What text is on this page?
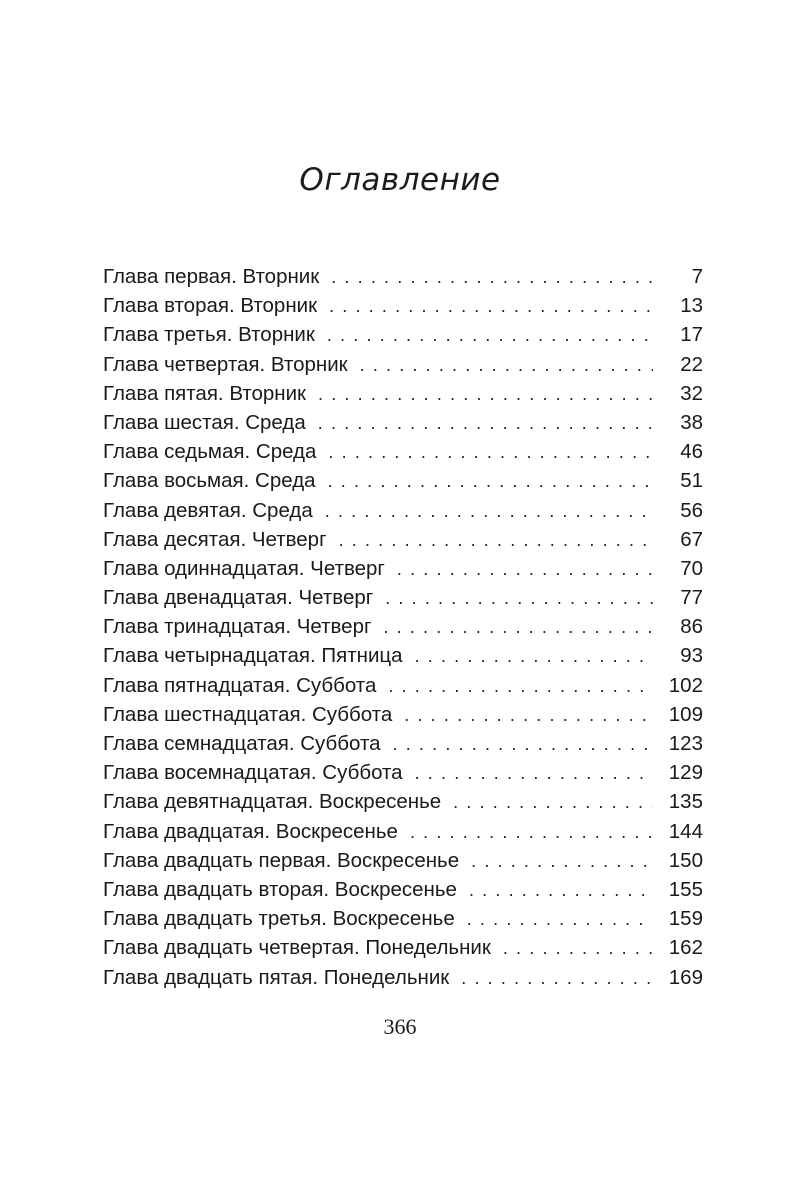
Оглавление
Глава первая. Вторник . . .	7
Глава вторая. Вторник . . .	13
Глава третья. Вторник . . .	17
Глава четвертая. Вторник . . .	22
Глава пятая. Вторник . . .	32
Глава шестая. Среда . . .	38
Глава седьмая. Среда . . .	46
Глава восьмая. Среда . . .	51
Глава девятая. Среда . . .	56
Глава десятая. Четверг . . .	67
Глава одиннадцатая. Четверг . . .	70
Глава двенадцатая. Четверг . . .	77
Глава тринадцатая. Четверг . . .	86
Глава четырнадцатая. Пятница . . .	93
Глава пятнадцатая. Суббота . . .	102
Глава шестнадцатая. Суббота . . .	109
Глава семнадцатая. Суббота . . .	123
Глава восемнадцатая. Суббота . . .	129
Глава девятнадцатая. Воскресенье . . .	135
Глава двадцатая. Воскресенье . . .	144
Глава двадцать первая. Воскресенье . . .	150
Глава двадцать вторая. Воскресенье . . .	155
Глава двадцать третья. Воскресенье . . .	159
Глава двадцать четвертая. Понедельник . . .	162
Глава двадцать пятая. Понедельник . . .	169
366
